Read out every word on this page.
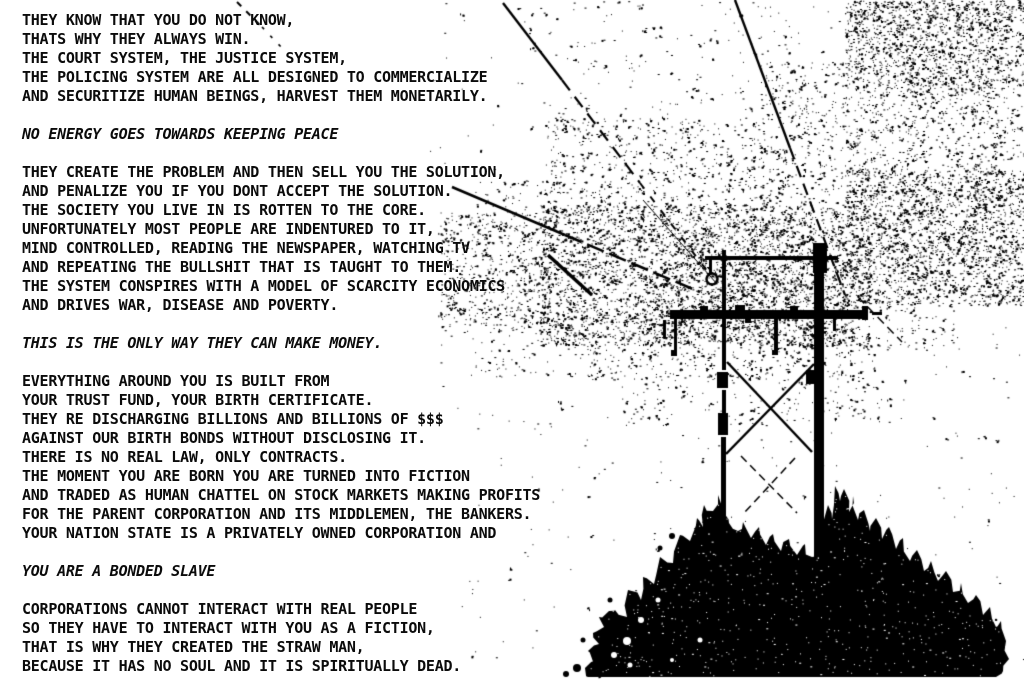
THEY KNOW THAT YOU DO NOT KNOW,
THATS WHY THEY ALWAYS WIN.
THE COURT SYSTEM, THE JUSTICE SYSTEM,
THE POLICING SYSTEM ARE ALL DESIGNED TO COMMERCIALIZE
AND SECURITIZE HUMAN BEINGS, HARVEST THEM MONETARILY.
NO ENERGY GOES TOWARDS KEEPING PEACE
THEY CREATE THE PROBLEM AND THEN SELL YOU THE SOLUTION,
AND PENALIZE YOU IF YOU DONT ACCEPT THE SOLUTION.
THE SOCIETY YOU LIVE IN IS ROTTEN TO THE CORE.
UNFORTUNATELY MOST PEOPLE ARE INDENTURED TO IT,
MIND CONTROLLED, READING THE NEWSPAPER, WATCHING TV
AND REPEATING THE BULLSHIT THAT IS TAUGHT TO THEM.
THE SYSTEM CONSPIRES WITH A MODEL OF SCARCITY ECONOMICS
AND DRIVES WAR, DISEASE AND POVERTY.
THIS IS THE ONLY WAY THEY CAN MAKE MONEY.
EVERYTHING AROUND YOU IS BUILT FROM
YOUR TRUST FUND, YOUR BIRTH CERTIFICATE.
THEY RE DISCHARGING BILLIONS AND BILLIONS OF $$$
AGAINST OUR BIRTH BONDS WITHOUT DISCLOSING IT.
THERE IS NO REAL LAW, ONLY CONTRACTS.
THE MOMENT YOU ARE BORN YOU ARE TURNED INTO FICTION
AND TRADED AS HUMAN CHATTEL ON STOCK MARKETS MAKING PROFITS
FOR THE PARENT CORPORATION AND ITS MIDDLEMEN, THE BANKERS.
YOUR NATION STATE IS A PRIVATELY OWNED CORPORATION AND
YOU ARE A BONDED SLAVE
CORPORATIONS CANNOT INTERACT WITH REAL PEOPLE
SO THEY HAVE TO INTERACT WITH YOU AS A FICTION,
THAT IS WHY THEY CREATED THE STRAW MAN,
BECAUSE IT HAS NO SOUL AND IT IS SPIRITUALLY DEAD.
